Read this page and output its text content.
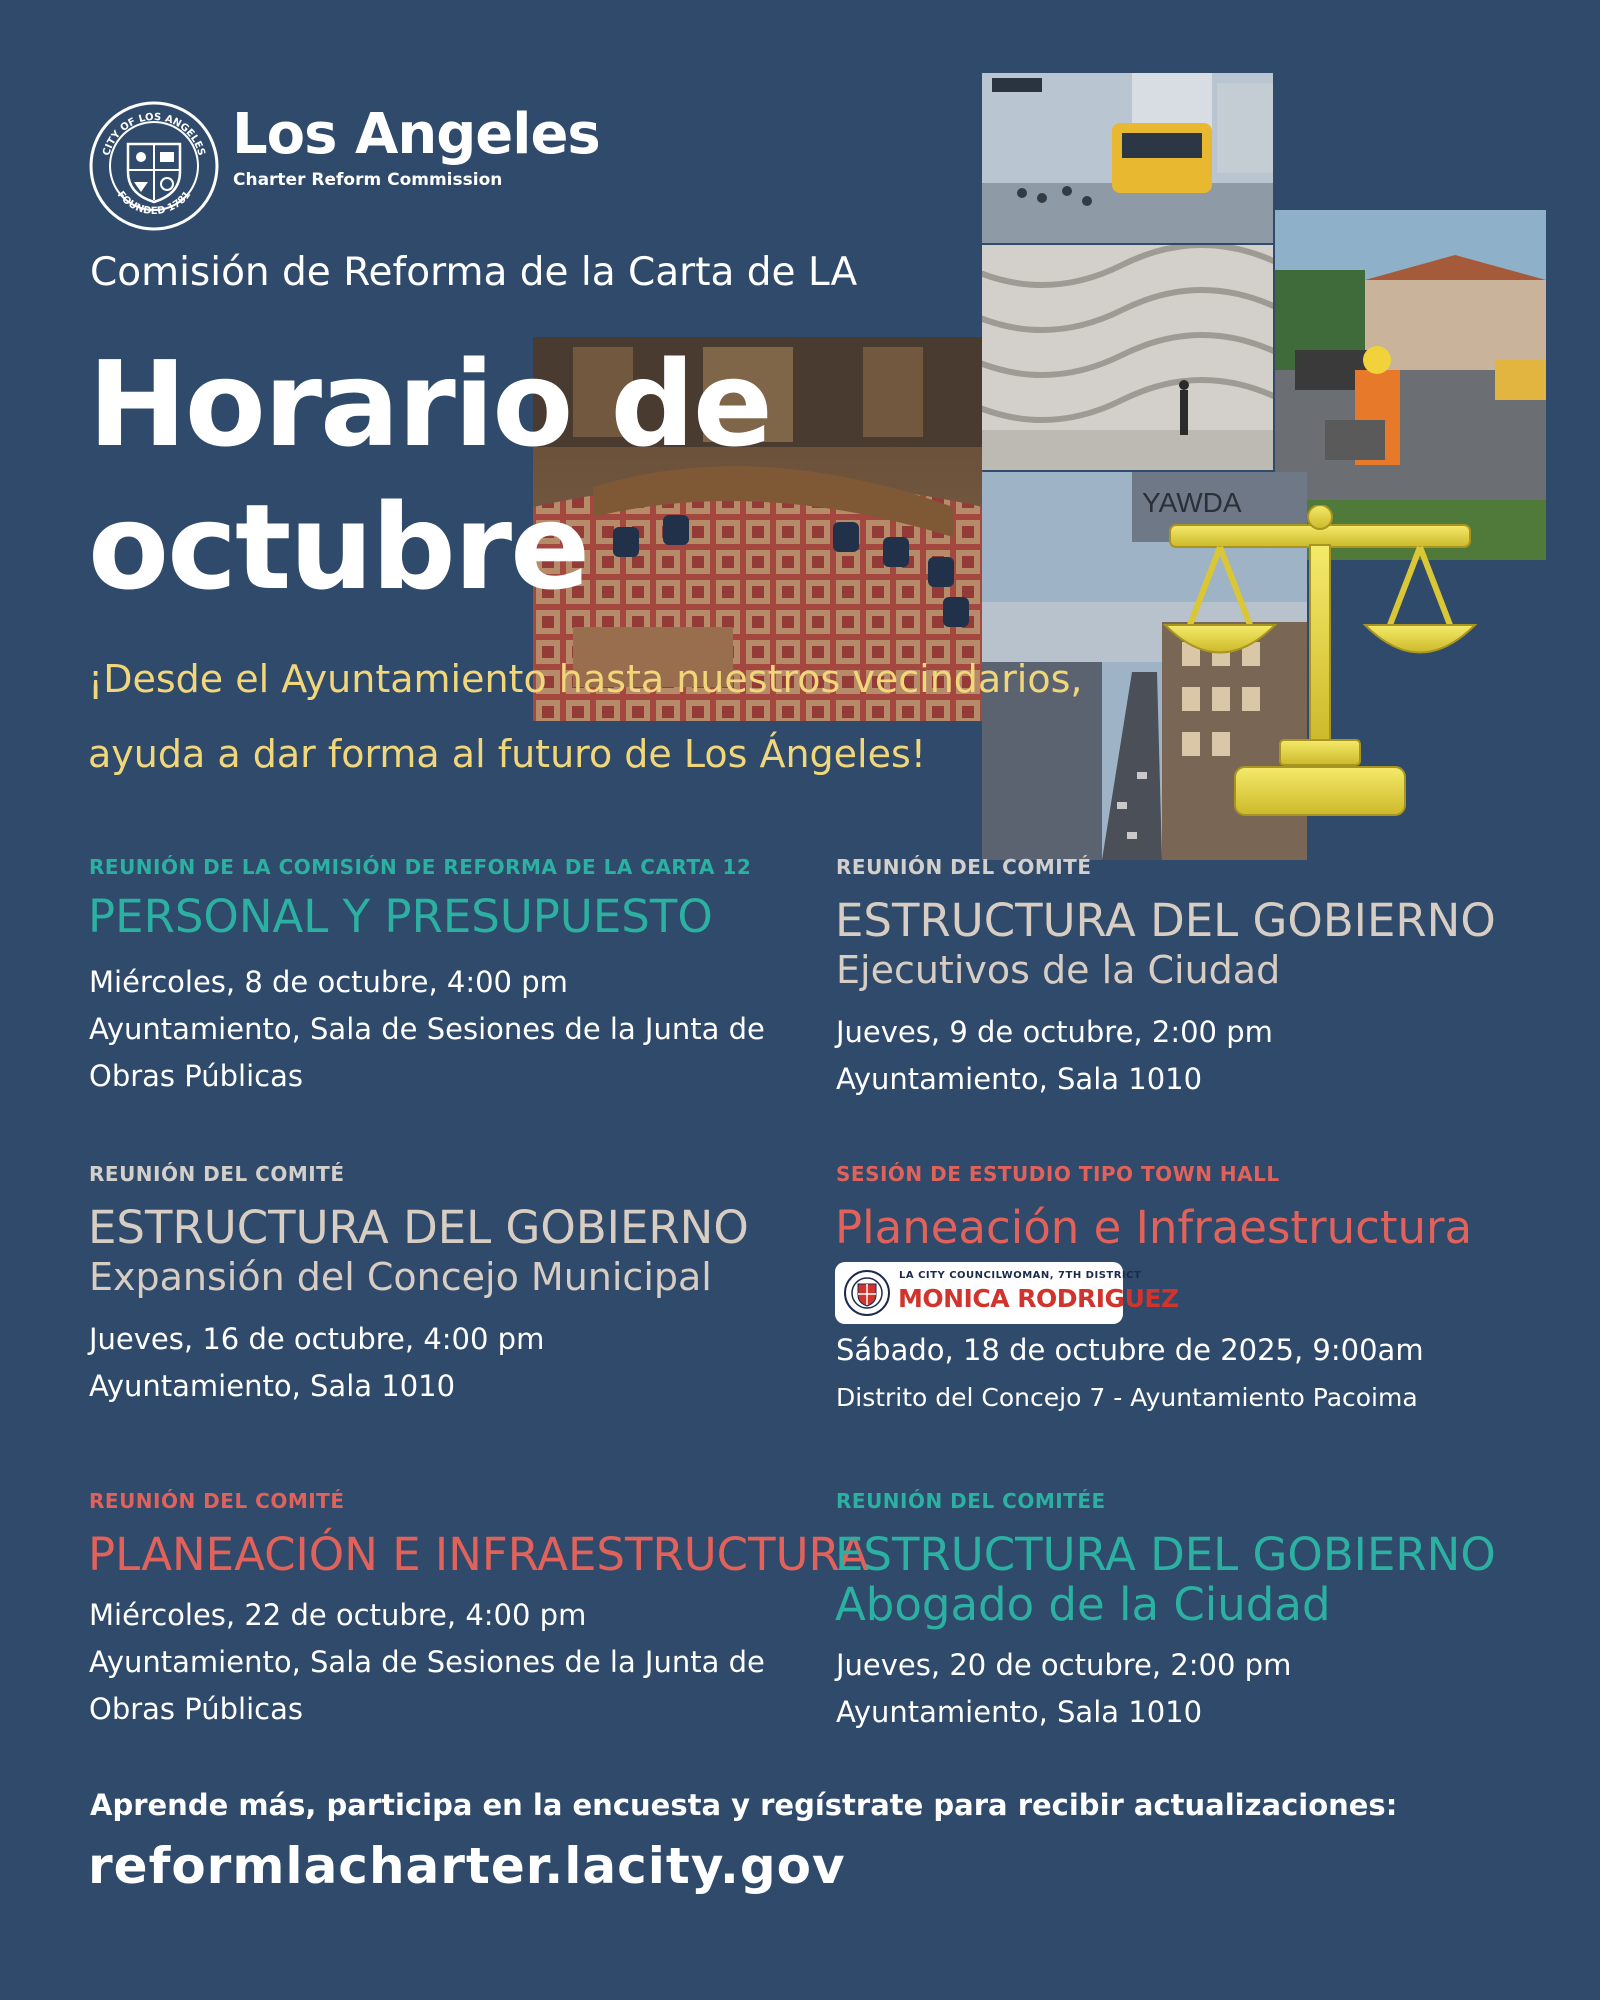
CITY OF LOS ANGELES
FOUNDED 1781
Los Angeles
Charter Reform Commission
Comisión de Reforma de la Carta de LA
YAWDA
Horario de
octubre
¡Desde el Ayuntamiento hasta nuestros vecindarios,
ayuda a dar forma al futuro de Los Ángeles!
REUNIÓN DE LA COMISIÓN DE REFORMA DE LA CARTA 12
PERSONAL Y PRESUPUESTO
Miércoles, 8 de octubre, 4:00 pm
Ayuntamiento, Sala de Sesiones de la Junta de
Obras Públicas
REUNIÓN DEL COMITÉ
ESTRUCTURA DEL GOBIERNO
Ejecutivos de la Ciudad
Jueves, 9 de octubre, 2:00 pm
Ayuntamiento, Sala 1010
REUNIÓN DEL COMITÉ
ESTRUCTURA DEL GOBIERNO
Expansión del Concejo Municipal
Jueves, 16 de octubre, 4:00 pm
Ayuntamiento, Sala 1010
SESIÓN DE ESTUDIO TIPO TOWN HALL
Planeación e Infraestructura
LA CITY COUNCILWOMAN, 7TH DISTRICT
MONICA RODRIGUEZ
Sábado, 18 de octubre de 2025, 9:00am
Distrito del Concejo 7 - Ayuntamiento Pacoima
REUNIÓN DEL COMITÉ
PLANEACIÓN E INFRAESTRUCTURA
Miércoles, 22 de octubre, 4:00 pm
Ayuntamiento, Sala de Sesiones de la Junta de
Obras Públicas
REUNIÓN DEL COMITÉE
ESTRUCTURA DEL GOBIERNO
Abogado de la Ciudad
Jueves, 20 de octubre, 2:00 pm
Ayuntamiento, Sala 1010
Aprende más, participa en la encuesta y regístrate para recibir actualizaciones:
reformlacharter.lacity.gov
